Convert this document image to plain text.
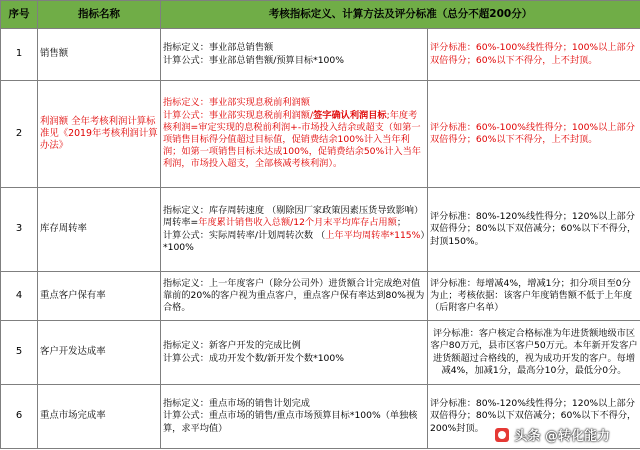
序号	指标名称	考核指标定义、计算方法及评分标准（总分不超200分）	
1	销售额	指标定义：事业部总销售额
计算公式：事业部总销售额/预算目标*100%	评分标准：60%-100%线性得分；100%以上部分双倍得分；60%以下不得分，上不封顶。
2	利润额 全年考核利润计算标准见《2019年考核利润计算办法》	指标定义：事业部实现息税前利润额
计算公式：事业部实现息税前利润额/签字确认利润目标;年度考核利润=审定实现的息税前利润+-市场投入结余或超支（如第一项销售目标得分值超过目标值，促销费结余100%计入当年利润；如第一项销售目标未达成100%，促销费结余50%计入当年利润，市场投入超支，全部核减考核利润）。	评分标准：60%-100%线性得分；100%以上部分双倍得分；60%以下不得分，上不封顶。
3	库存周转率	指标定义：库存周转速度 （剔除因厂家政策因素压货导致影响）
周转率=年度累计销售收入总额/12个月末平均库存占用额；
计算公式：实际周转率/计划周转次数 （上年平均周转率*115%）*100%	评分标准：80%-120%线性得分；120%以上部分双倍得分；80%以下双倍减分；60%以下不得分，封顶150%。
4	重点客户保有率	指标定义：上一年度客户（除分公司外）进货额合计完成绝对值靠前的20%的客户视为重点客户，重点客户保有率达到80%视为合格。	评分标准：每增减4%，增减1分；扣分项目至0分为止；考核依据：该客户年度销售额不低于上年度（后附客户名单）
5	客户开发达成率	指标定义：新客户开发的完成比例
计算公式：成功开发个数/新开发个数*100%	评分标准：客户核定合格标准为年进货额地级市区客户80万元，县市区客户50万元。本年新开发客户进货额超过合格线的，视为成功开发的客户。每增减4%，加减1分，最高分10分，最低分0分。
6	重点市场完成率	指标定义：重点市场的销售计划完成
计算公式：重点市场的销售/重点市场预算目标*100%（单独核算，求平均值）	评分标准：80%-120%线性得分；120%以上部分双倍得分；80%以下双倍减分；60%以下不得分，200%封顶。
头条 @转化能力
